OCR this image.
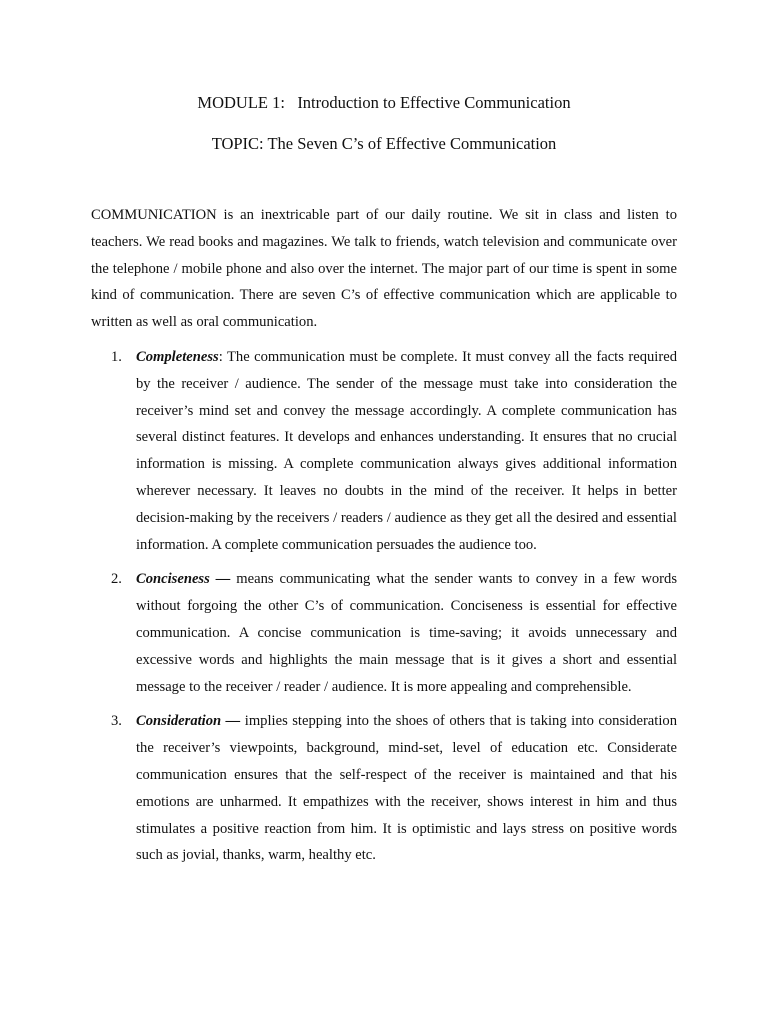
MODULE 1:   Introduction to Effective Communication
TOPIC: The Seven C’s of Effective Communication

COMMUNICATION is an inextricable part of our daily routine. We sit in class and listen to teachers. We read books and magazines. We talk to friends, watch television and communicate over the telephone / mobile phone and also over the internet. The major part of our time is spent in some kind of communication. There are seven C’s of effective communication which are applicable to written as well as oral communication.

1. Completeness: The communication must be complete. It must convey all the facts required by the receiver / audience. The sender of the message must take into consideration the receiver’s mind set and convey the message accordingly. A complete communication has several distinct features. It develops and enhances understanding. It ensures that no crucial information is missing. A complete communication always gives additional information wherever necessary. It leaves no doubts in the mind of the receiver. It helps in better decision-making by the receivers / readers / audience as they get all the desired and essential information. A complete communication persuades the audience too.
2. Conciseness — means communicating what the sender wants to convey in a few words without forgoing the other C’s of communication. Conciseness is essential for effective communication. A concise communication is time-saving; it avoids unnecessary and excessive words and highlights the main message that is it gives a short and essential message to the receiver / reader / audience. It is more appealing and comprehensible.
3. Consideration — implies stepping into the shoes of others that is taking into consideration the receiver’s viewpoints, background, mind-set, level of education etc. Considerate communication ensures that the self-respect of the receiver is maintained and that his emotions are unharmed. It empathizes with the receiver, shows interest in him and thus stimulates a positive reaction from him. It is optimistic and lays stress on positive words such as jovial, thanks, warm, healthy etc.
